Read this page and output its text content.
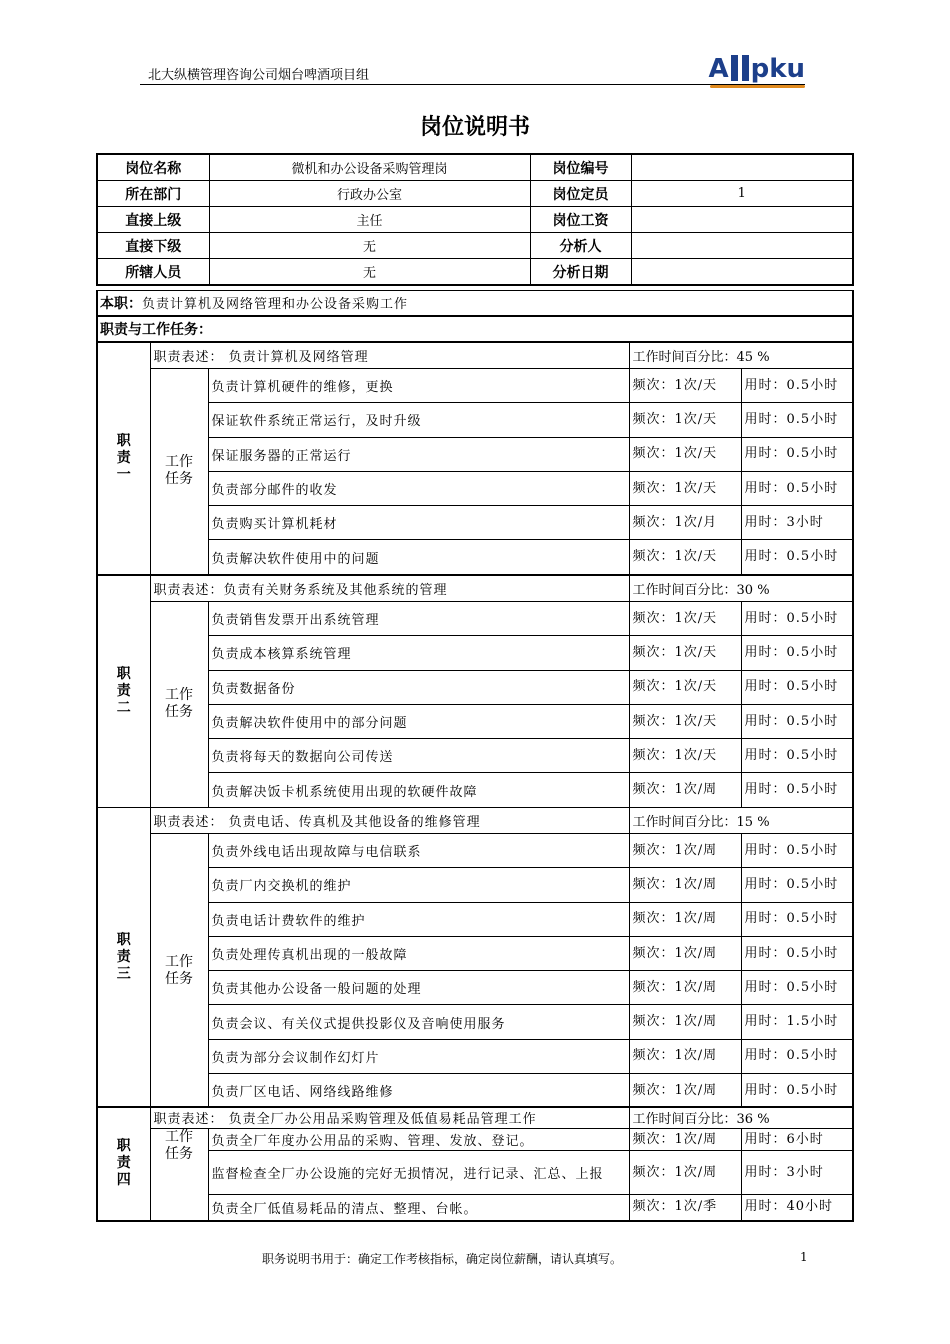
北大纵横管理咨询公司烟台啤酒项目组	A pku
岗位说明书
岗位名称	微机和办公设备采购管理岗	岗位编号	
所在部门	行政办公室	岗位定员	1
直接上级	主任	岗位工资	
直接下级	无	分析人	
所辖人员	无	分析日期	
本职：负责计算机及网络管理和办公设备采购工作
职责与工作任务：
职责一	职责表述： 负责计算机及网络管理		工作时间百分比：45 %	
	工作任务	负责计算机硬件的维修，更换	频次：1次/天	用时：0.5小时
		保证软件系统正常运行，及时升级	频次：1次/天	用时：0.5小时
		保证服务器的正常运行	频次：1次/天	用时：0.5小时
		负责部分邮件的收发	频次：1次/天	用时：0.5小时
		负责购买计算机耗材	频次：1次/月	用时：3小时
		负责解决软件使用中的问题	频次：1次/天	用时：0.5小时
职责二	职责表述：负责有关财务系统及其他系统的管理		工作时间百分比：30 %	
	工作任务	负责销售发票开出系统管理	频次：1次/天	用时：0.5小时
		负责成本核算系统管理	频次：1次/天	用时：0.5小时
		负责数据备份	频次：1次/天	用时：0.5小时
		负责解决软件使用中的部分问题	频次：1次/天	用时：0.5小时
		负责将每天的数据向公司传送	频次：1次/天	用时：0.5小时
		负责解决饭卡机系统使用出现的软硬件故障	频次：1次/周	用时：0.5小时
职责三	职责表述： 负责电话、传真机及其他设备的维修管理		工作时间百分比：15 %	
	工作任务	负责外线电话出现故障与电信联系	频次：1次/周	用时：0.5小时
		负责厂内交换机的维护	频次：1次/周	用时：0.5小时
		负责电话计费软件的维护	频次：1次/周	用时：0.5小时
		负责处理传真机出现的一般故障	频次：1次/周	用时：0.5小时
		负责其他办公设备一般问题的处理	频次：1次/周	用时：0.5小时
		负责会议、有关仪式提供投影仪及音响使用服务	频次：1次/周	用时：1.5小时
		负责为部分会议制作幻灯片	频次：1次/周	用时：0.5小时
		负责厂区电话、网络线路维修	频次：1次/周	用时：0.5小时
职责四	职责表述： 负责全厂办公用品采购管理及低值易耗品管理工作		工作时间百分比：36 %	
	工作任务	负责全厂年度办公用品的采购、管理、发放、登记。	频次：1次/周	用时：6小时
		监督检查全厂办公设施的完好无损情况，进行记录、汇总、上报	频次：1次/周	用时：3小时
		负责全厂低值易耗品的清点、整理、台帐。	频次：1次/季	用时：40小时
职务说明书用于：确定工作考核指标，确定岗位薪酬，请认真填写。	1
